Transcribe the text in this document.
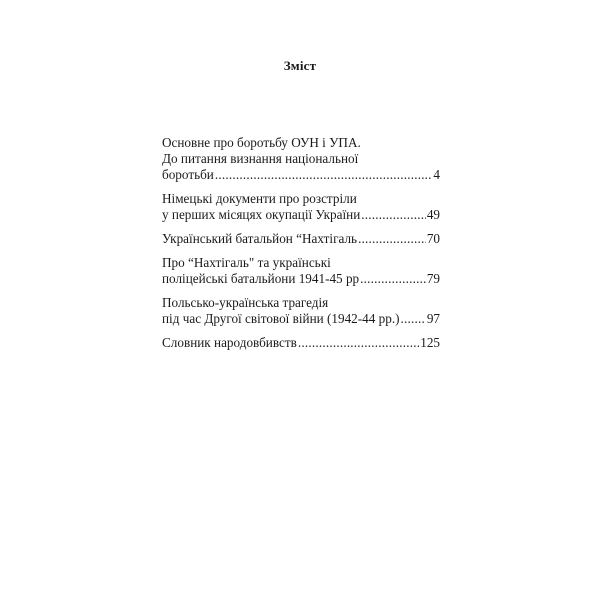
Зміст
Основне про боротьбу ОУН і УПА.
До питання визнання національної
боротьби .....	4
Німецькі документи про розстріли
у перших місяцях окупації України .....	49
Український батальйон “Нахтігаль .....	70
Про “Нахтігаль" та українські
поліцейські батальйони 1941-45 рр .....	79
Польсько-українська трагедія
під час Другої світової війни (1942-44 рр.) ..... 97
Словник народовбивств .....	125
